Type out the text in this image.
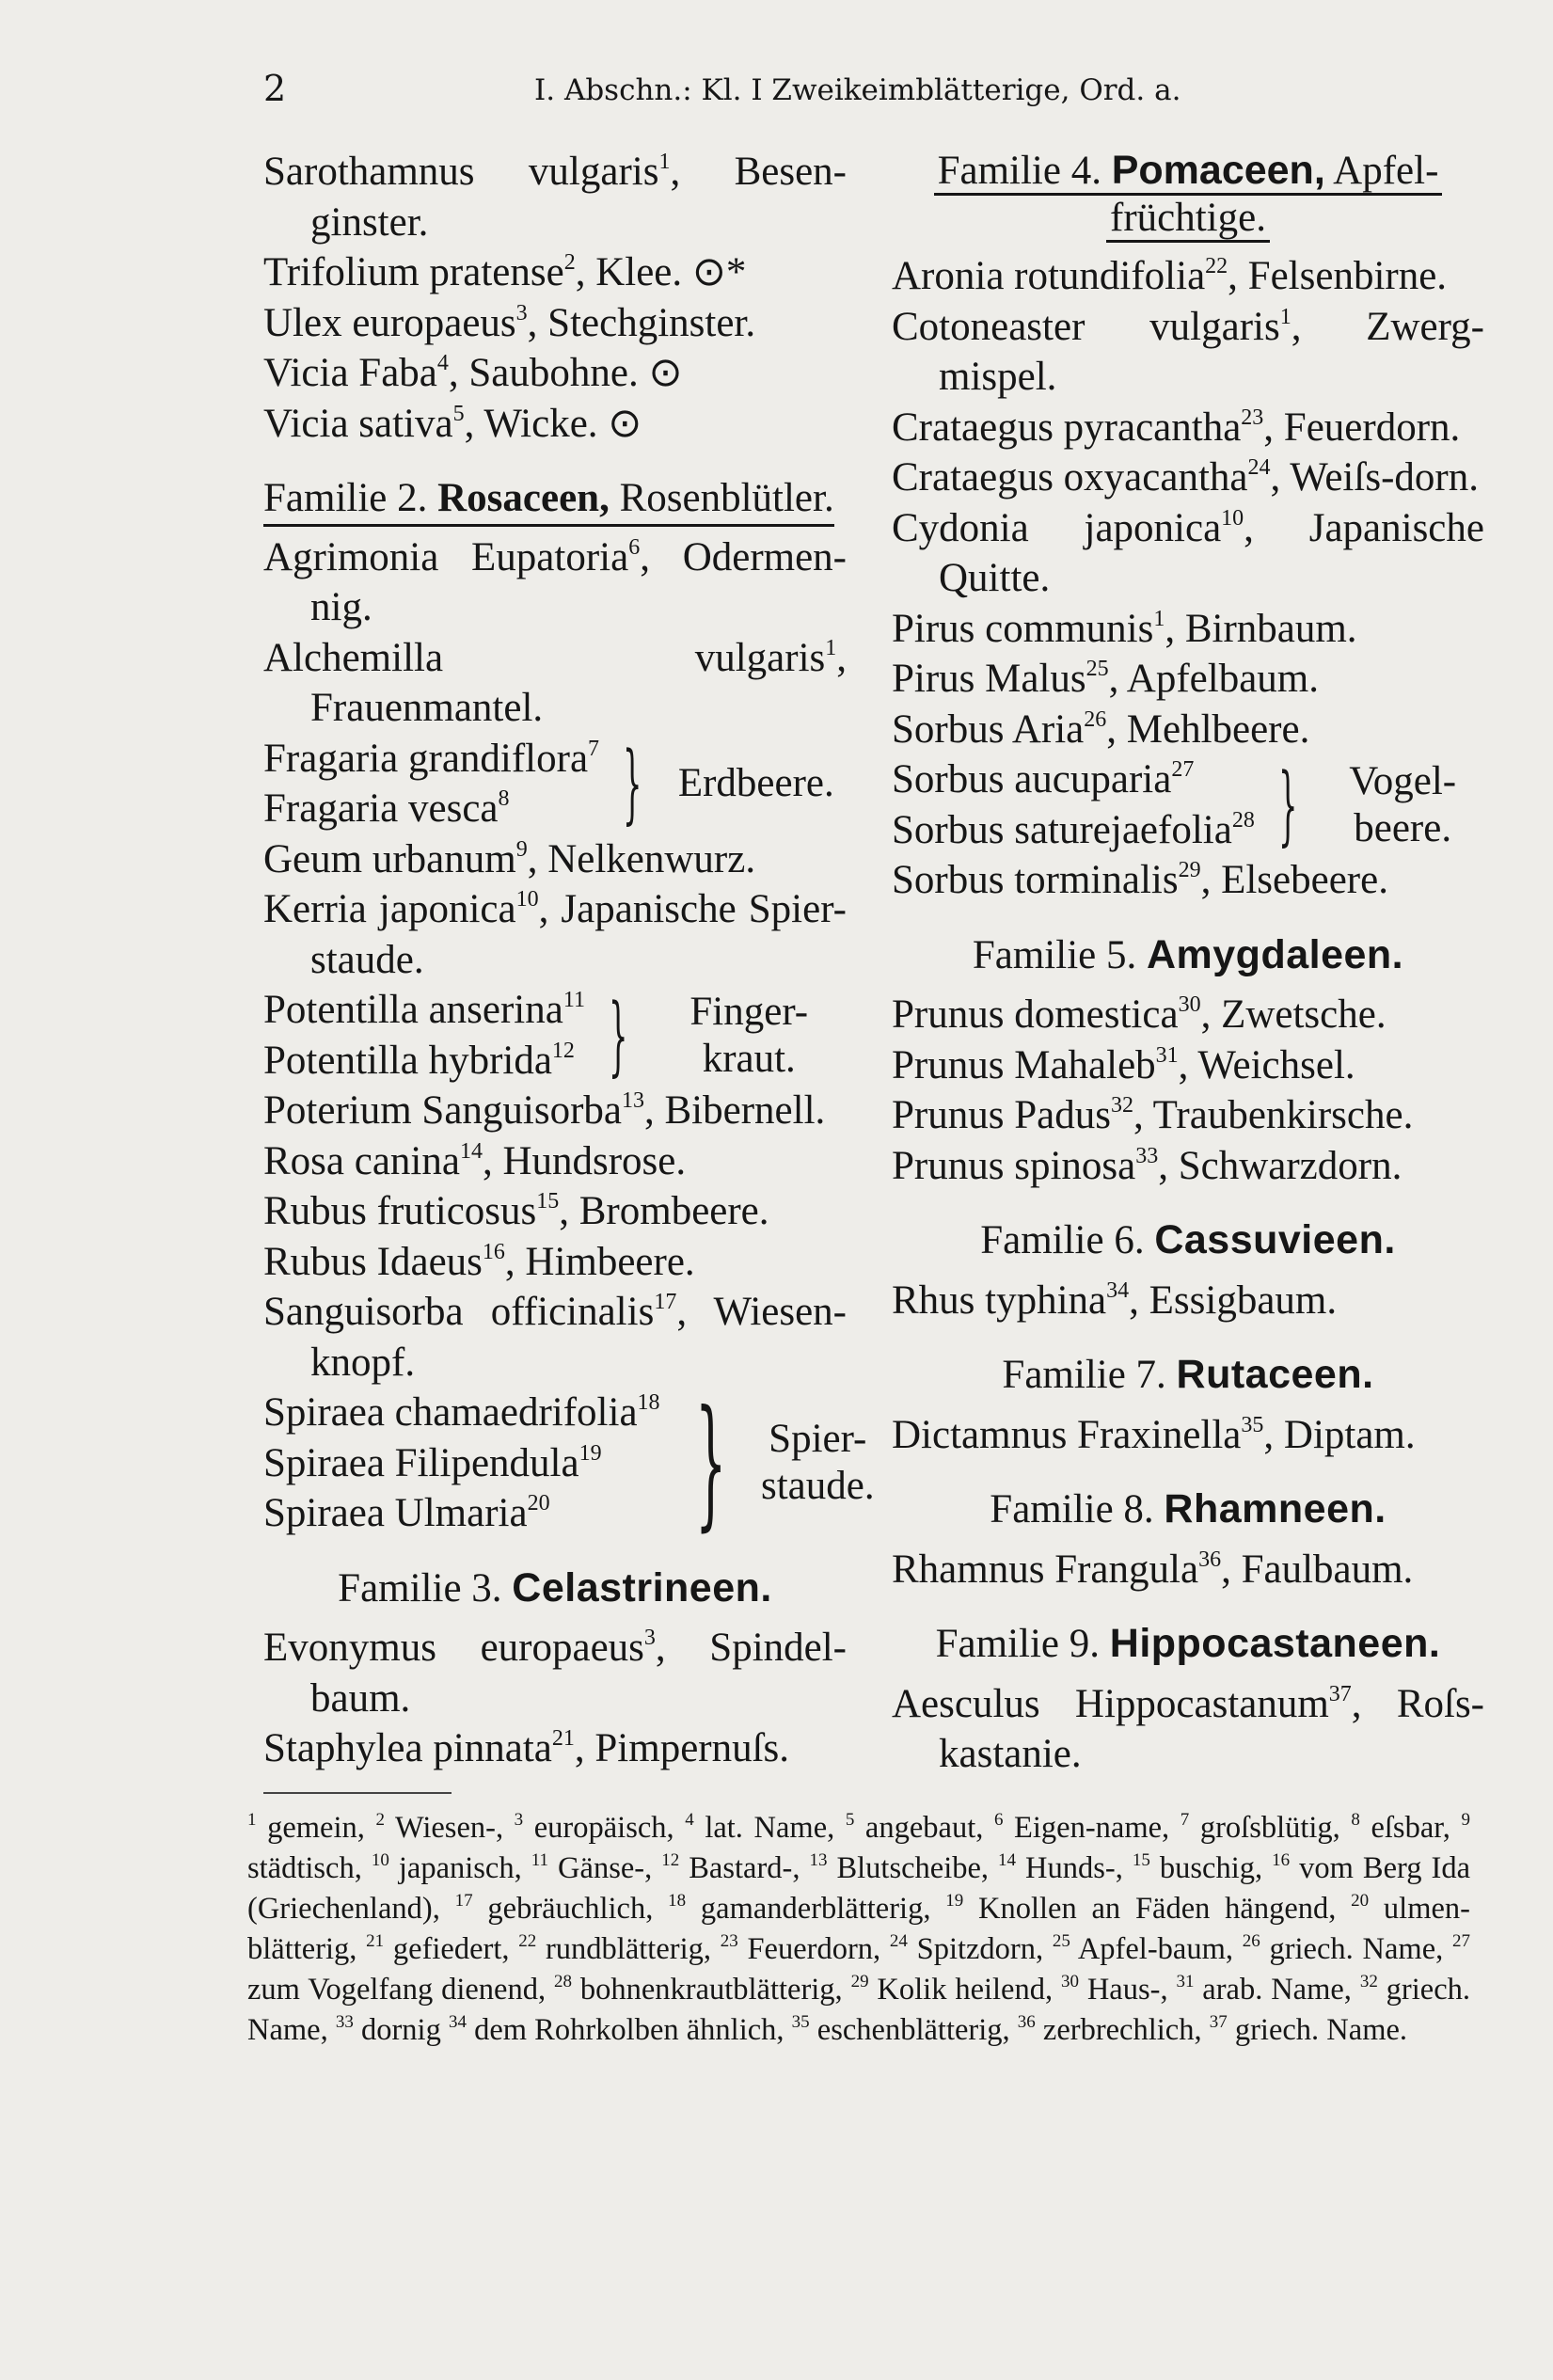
2	I. Abschn.: Kl. I Zweikeimblätterige, Ord. a.
Sarothamnus vulgaris$^1$, Besen-ginster.
Trifolium pratense$^2$, Klee. ⊙*
Ulex europaeus$^3$, Stechginster.
Vicia Faba$^4$, Saubohne. ⊙
Vicia sativa$^5$, Wicke. ⊙
Familie 2. Rosaceen, Rosenblütler.
Agrimonia Eupatoria$^6$, Odermen-nig.
Alchemilla vulgaris$^1$, Frauenmantel.
Fragaria grandiflora$^7$
Fragaria vesca$^8$	} Erdbeere.
Geum urbanum$^9$, Nelkenwurz.
Kerria japonica$^{10}$, Japanische Spier-staude.
Potentilla anserina$^{11}$
Potentilla hybrida$^{12}$ }	Finger-kraut.
Poterium Sanguisorba$^{13}$, Bibernell.
Rosa canina$^{14}$, Hundsrose.
Rubus fruticosus$^{15}$, Brombeere.
Rubus Idaeus$^{16}$, Himbeere.
Sanguisorba officinalis$^{17}$, Wiesen-knopf.
Spiraea chamaedrifolia$^{18}$
Spiraea Filipendula$^{19}$
Spiraea Ulmaria$^{20}$	} Spier-staude.
Familie 3. Celastrineen.
Evonymus europaeus$^3$, Spindel-baum.
Staphylea pinnata$^{21}$, Pimpernuſs.
Familie 4. Pomaceen, Apfel-
früchtige.
Aronia rotundifolia$^{22}$, Felsenbirne.
Cotoneaster vulgaris$^1$, Zwerg-mispel.
Crataegus pyracantha$^{23}$, Feuerdorn.
Crataegus oxyacantha$^{24}$, Weiſs-dorn.
Cydonia japonica$^{10}$, Japanische Quitte.
Pirus communis$^1$, Birnbaum.
Pirus Malus$^{25}$, Apfelbaum.
Sorbus Aria$^{26}$, Mehlbeere.
Sorbus aucuparia$^{27}$
Sorbus saturejaefolia$^{28}$ }	Vogel-beere.
Sorbus torminalis$^{29}$, Elsebeere.
Familie 5. Amygdaleen.
Prunus domestica$^{30}$, Zwetsche.
Prunus Mahaleb$^{31}$, Weichsel.
Prunus Padus$^{32}$, Traubenkirsche.
Prunus spinosa$^{33}$, Schwarzdorn.
Familie 6. Cassuvieen.
Rhus typhina$^{34}$, Essigbaum.
Familie 7. Rutaceen.
Dictamnus Fraxinella$^{35}$, Diptam.
Familie 8. Rhamneen.
Rhamnus Frangula$^{36}$, Faulbaum.
Familie 9. Hippocastaneen.
Aesculus Hippocastanum$^{37}$, Roſs-kastanie.
$^1$ gemein, $^2$ Wiesen-, $^3$ europäisch, $^4$ lat. Name, $^5$ angebaut, $^6$ Eigen-name, $^7$ groſsblütig, $^8$ eſsbar, $^9$ städtisch, $^{10}$ japanisch, $^{11}$ Gänse-, $^{12}$ Bastard-, $^{13}$ Blutscheibe, $^{14}$ Hunds-, $^{15}$ buschig, $^{16}$ vom Berg Ida (Griechenland), $^{17}$ gebräuchlich, $^{18}$ gamanderblätterig, $^{19}$ Knollen an Fäden hängend, $^{20}$ ulmen-blätterig, $^{21}$ gefiedert, $^{22}$ rundblätterig, $^{23}$ Feuerdorn, $^{24}$ Spitzdorn, $^{25}$ Apfel-baum, $^{26}$ griech. Name, $^{27}$ zum Vogelfang dienend, $^{28}$ bohnenkrautblätterig, $^{29}$ Kolik heilend, $^{30}$ Haus-, $^{31}$ arab. Name, $^{32}$ griech. Name, $^{33}$ dornig $^{34}$ dem Rohrkolben ähnlich, $^{35}$ eschenblätterig, $^{36}$ zerbrechlich, $^{37}$ griech. Name.
